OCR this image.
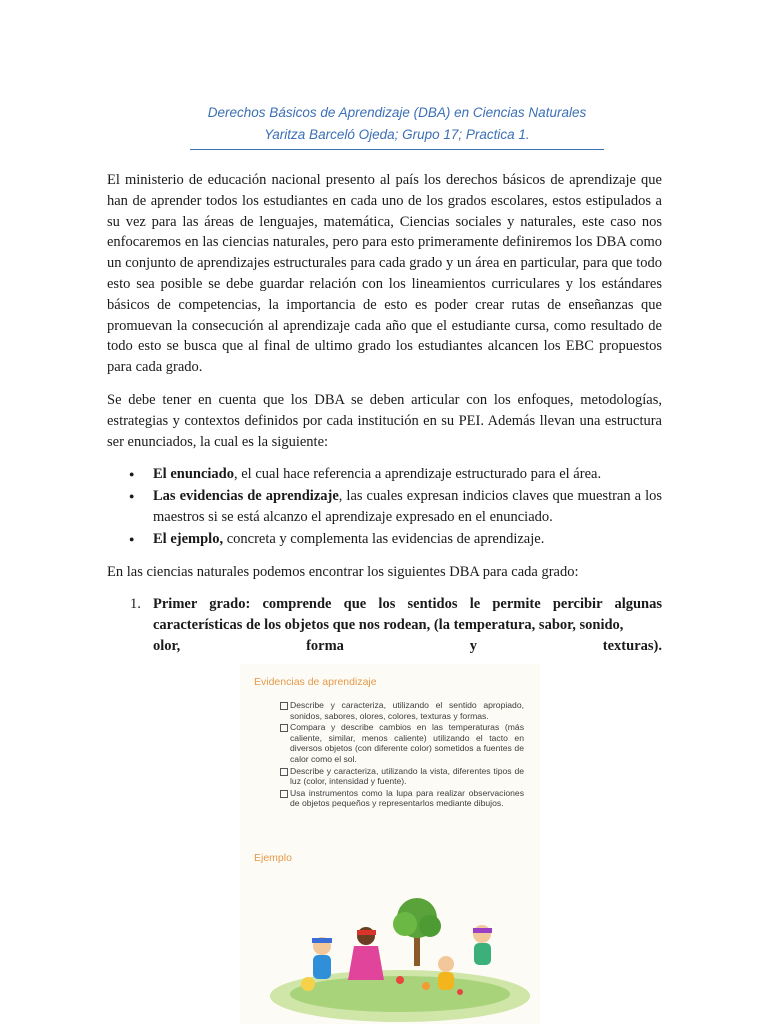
Derechos Básicos de Aprendizaje (DBA) en Ciencias Naturales
Yaritza Barceló Ojeda; Grupo 17; Practica 1.

El ministerio de educación nacional presento al país los derechos básicos de aprendizaje que han de aprender todos los estudiantes en cada uno de los grados escolares, estos estipulados a su vez para las áreas de lenguajes, matemática, Ciencias sociales y naturales, este caso nos enfocaremos en las ciencias naturales, pero para esto primeramente definiremos los DBA como un conjunto de aprendizajes estructurales para cada grado y un área en particular, para que todo esto sea posible se debe guardar relación con los lineamientos curriculares y los estándares básicos de competencias, la importancia de esto es poder crear rutas de enseñanzas que promuevan la consecución al aprendizaje cada año que el estudiante cursa, como resultado de todo esto se busca que al final de ultimo grado los estudiantes alcancen los EBC propuestos para cada grado.

Se debe tener en cuenta que los DBA se deben articular con los enfoques, metodologías, estrategias y contextos definidos por cada institución en su PEI. Además llevan una estructura ser enunciados, la cual es la siguiente:

● El enunciado, el cual hace referencia a aprendizaje estructurado para el área.
● Las evidencias de aprendizaje, las cuales expresan indicios claves que muestran a los maestros si se está alcanzo el aprendizaje expresado en el enunciado.
● El ejemplo, concreta y complementa las evidencias de aprendizaje.

En las ciencias naturales podemos encontrar los siguientes DBA para cada grado:

1. Primer grado: comprende que los sentidos le permite percibir algunas características de los objetos que nos rodean, (la temperatura, sabor, sonido,
olor,	forma	y	texturas).
Evidencias de aprendizaje
Describe y caracteriza, utilizando el sentido apropiado, sonidos, sabores, olores, colores, texturas y formas.
Compara y describe cambios en las temperaturas (más caliente, similar, menos caliente) utilizando el tacto en diversos objetos (con diferente color) sometidos a fuentes de calor como el sol.
Describe y caracteriza, utilizando la vista, diferentes tipos de luz (color, intensidad y fuente).
Usa instrumentos como la lupa para realizar observaciones de objetos pequeños y representarlos mediante dibujos.
Ejemplo
